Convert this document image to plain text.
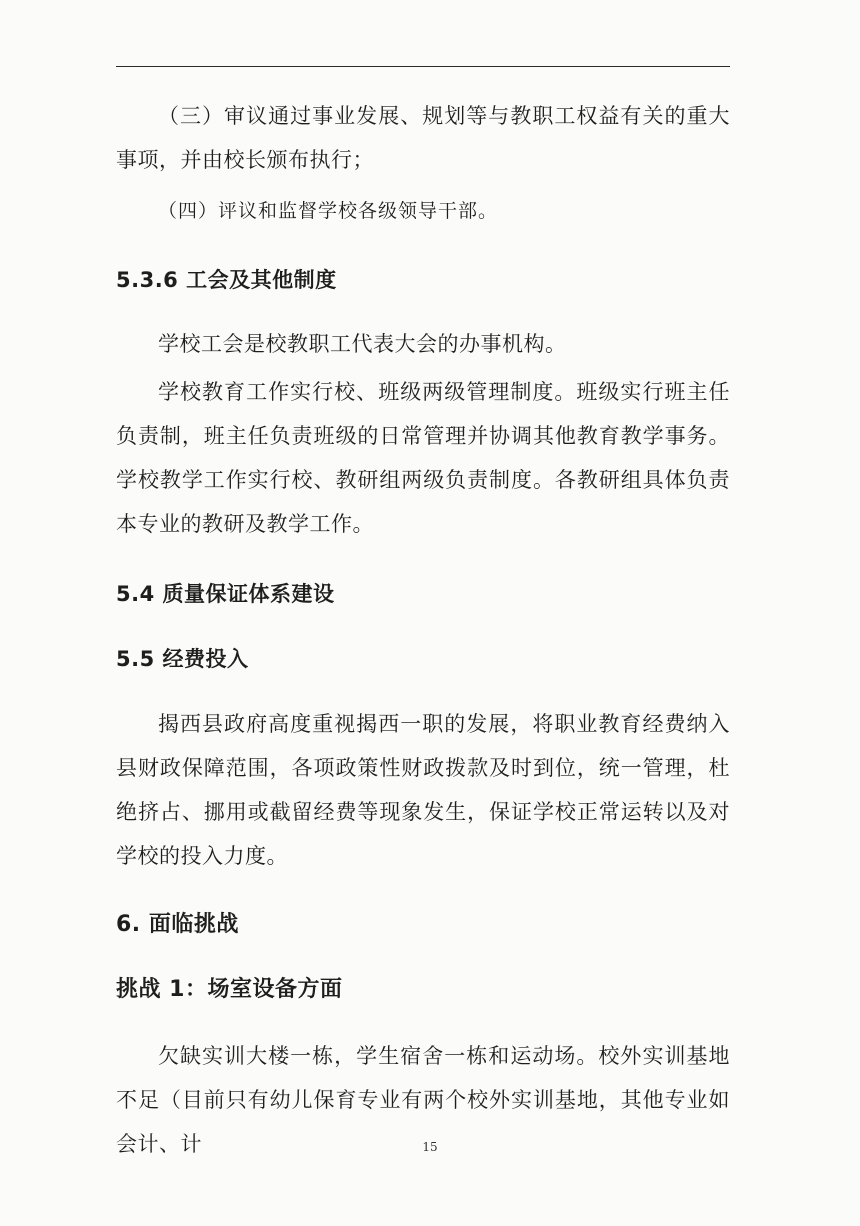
（三）审议通过事业发展、规划等与教职工权益有关的重大事项，并由校长颁布执行；
（四）评议和监督学校各级领导干部。
5.3.6 工会及其他制度
学校工会是校教职工代表大会的办事机构。
学校教育工作实行校、班级两级管理制度。班级实行班主任负责制，班主任负责班级的日常管理并协调其他教育教学事务。学校教学工作实行校、教研组两级负责制度。各教研组具体负责本专业的教研及教学工作。
5.4 质量保证体系建设
5.5 经费投入
揭西县政府高度重视揭西一职的发展，将职业教育经费纳入县财政保障范围，各项政策性财政拨款及时到位，统一管理，杜绝挤占、挪用或截留经费等现象发生，保证学校正常运转以及对学校的投入力度。
6. 面临挑战
挑战 1：场室设备方面
欠缺实训大楼一栋，学生宿舍一栋和运动场。校外实训基地不足（目前只有幼儿保育专业有两个校外实训基地，其他专业如会计、计	15
